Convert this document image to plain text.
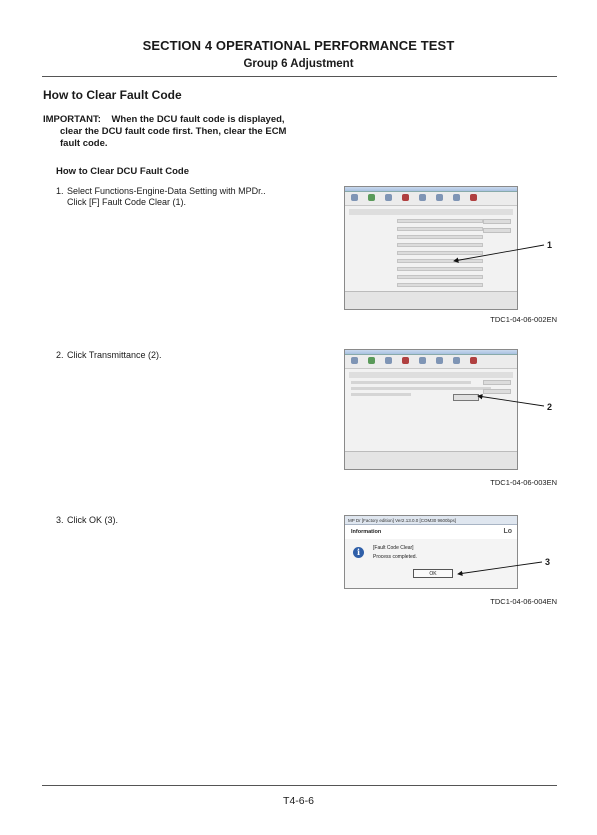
SECTION 4 OPERATIONAL PERFORMANCE TEST
Group 6 Adjustment
How to Clear Fault Code
IMPORTANT: When the DCU fault code is displayed,
clear the DCU fault code first. Then, clear the ECM
fault code.
How to Clear DCU Fault Code
1. Select Functions-Engine-Data Setting with MPDr..
Click [F] Fault Code Clear (1).
1
TDC1-04-06-002EN
2. Click Transmittance (2).
2
TDC1-04-06-003EN
3. Click OK (3).	MP Dr [Factory edition] Ver2.13.0.0 [COM30 9600bps]
Information	Lo
i	[Fault Code Clear]
Process completed.
OK
3
TDC1-04-06-004EN
T4-6-6
